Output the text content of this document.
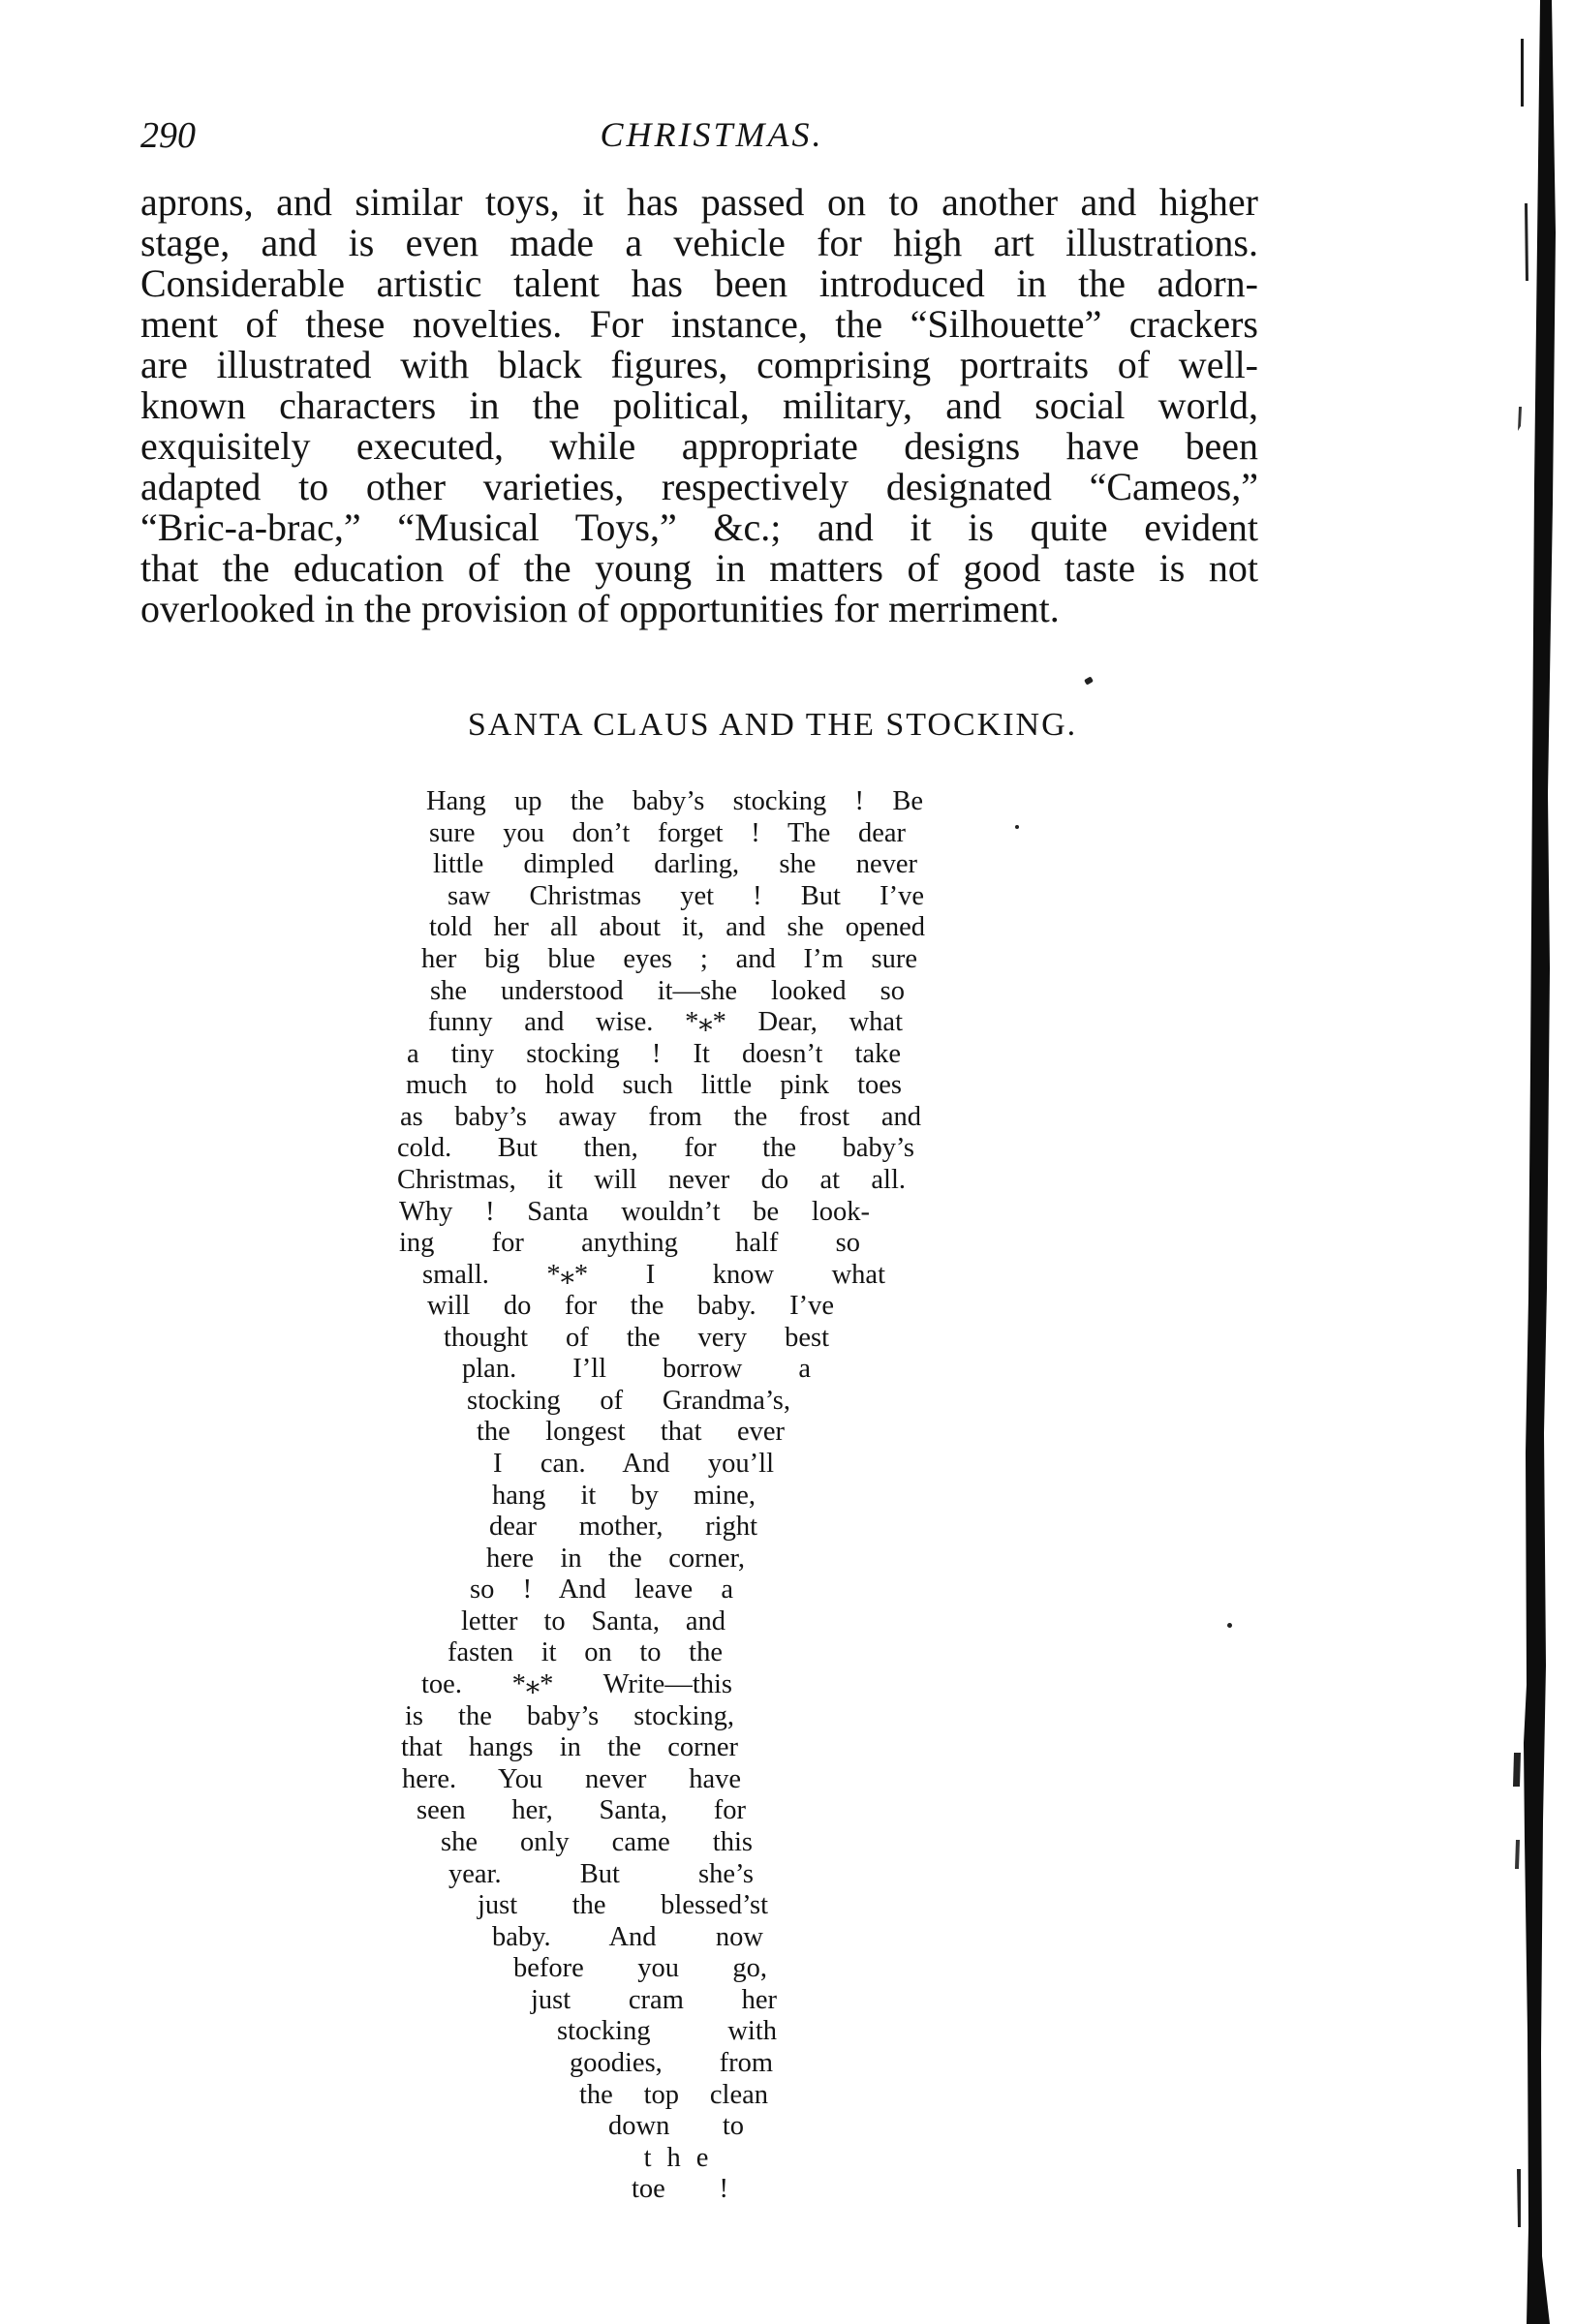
290	CHRISTMAS.
aprons, and similar toys, it has passed on to another and higher
stage, and is even made a vehicle for high art illustrations.
Considerable artistic talent has been introduced in the adorn-
ment of these novelties. For instance, the “Silhouette” crackers
are illustrated with black figures, comprising portraits of well-
known characters in the political, military, and social world,
exquisitely executed, while appropriate designs have been
adapted to other varieties, respectively designated “Cameos,”
“Bric-a-brac,” “Musical Toys,” &c.; and it is quite evident
that the education of the young in matters of good taste is not
overlooked in the provision of opportunities for merriment.
SANTA CLAUS AND THE STOCKING.
Hang up the baby’s stocking ! Be
sure you don’t forget ! The dear
little dimpled darling, she never
saw Christmas yet ! But I’ve
told her all about it, and she opened
her big blue eyes ; and I’m sure
she understood it—she looked so
funny and wise. *⁎* Dear, what
a tiny stocking ! It doesn’t take
much to hold such little pink toes
as baby’s away from the frost and
cold. But then, for the baby’s
Christmas, it will never do at all.
Why ! Santa wouldn’t be look-
ing for anything half so
small. *⁎* I know what
will do for the baby. I’ve
thought of the very best
plan. I’ll borrow a
stocking of Grandma’s,
the longest that ever
I can. And you’ll
hang it by mine,
dear mother, right
here in the corner,
so ! And leave a
letter to Santa, and
fasten it on to the
toe. *⁎* Write—this
is the baby’s stocking,
that hangs in the corner
here. You never have
seen her, Santa, for
she only came this
year. But she’s
just the blessed’st
baby. And now
before you go,
just cram her
stocking with
goodies, from
the top clean
down to
the
toe !
